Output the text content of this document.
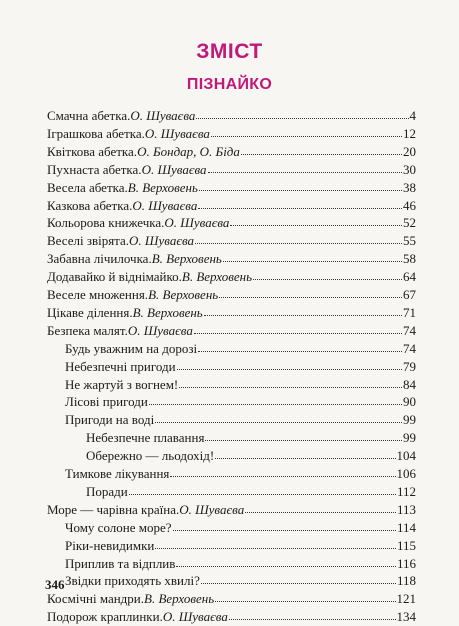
ЗМІСТ
ПІЗНАЙКО
Смачна абетка. О. Шуваєва	4
Іграшкова абетка. О. Шуваєва	12
Квіткова абетка. О. Бондар, О. Біда	20
Пухнаста абетка. О. Шуваєва	30
Весела абетка. В. Верховень	38
Казкова абетка. О. Шуваєва	46
Кольорова книжечка. О. Шуваєва	52
Веселі звірята. О. Шуваєва	55
Забавна лічилочка. В. Верховень	58
Додавайко й віднімайко. В. Верховень	64
Веселе множення. В. Верховень	67
Цікаве ділення. В. Верховень	71
Безпека малят. О. Шуваєва	74
Будь уважним на дорозі	74
Небезпечні пригоди	79
Не жартуй з вогнем!	84
Лісові пригоди	90
Пригоди на воді	99
Небезпечне плавання	99
Обережно — льодохід!	104
Тимкове лікування	106
Поради	112
Море — чарівна країна. О. Шуваєва	113
Чому солоне море?	114
Ріки-невидимки	115
Приплив та відплив	116
Звідки приходять хвилі?	118
Космічні мандри. В. Верховень	121
Подорож краплинки. О. Шуваєва	134
346
